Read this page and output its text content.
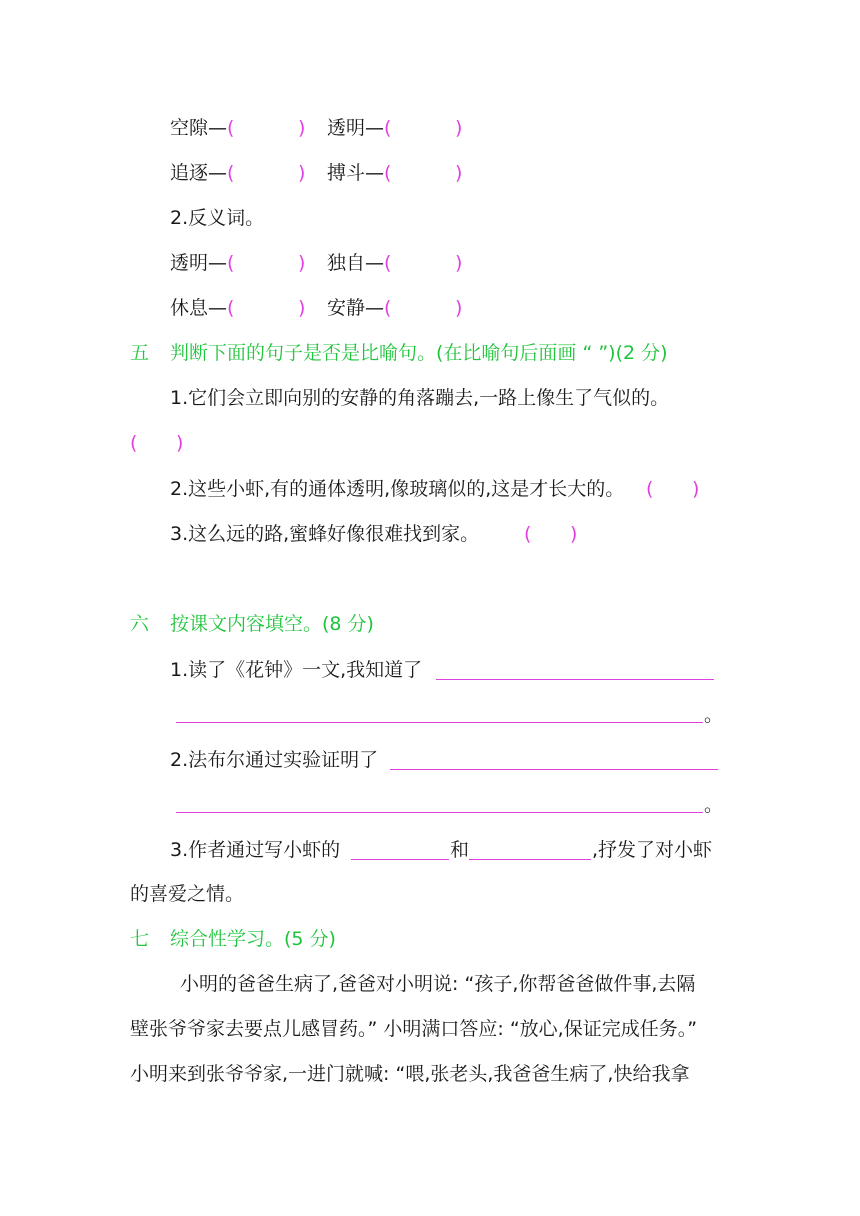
空隙—(	) 透明—(	)
追逐—(	) 搏斗—(	)
2.反义词。
透明—(	) 独自—(	)
休息—(	) 安静—(	)
五 判断下面的句子是否是比喻句。(在比喻句后面画 “ ”)(2 分)
1.它们会立即向别的安静的角落蹦去,一路上像生了气似的。
( )
2.这些小虾,有的通体透明,像玻璃似的,这是才长大的。 ( )
3.这么远的路,蜜蜂好像很难找到家。 ( )
六 按课文内容填空。(8 分)
1.读了《花钟》一文,我知道了
。
2.法布尔通过实验证明了
。
3.作者通过写小虾的	和	,抒发了对小虾
的喜爱之情。
七 综合性学习。(5 分)
小明的爸爸生病了,爸爸对小明说: “孩子,你帮爸爸做件事,去隔
壁张爷爷家去要点儿感冒药。” 小明满口答应: “放心,保证完成任务。”
小明来到张爷爷家,一进门就喊: “喂,张老头,我爸爸生病了,快给我拿
